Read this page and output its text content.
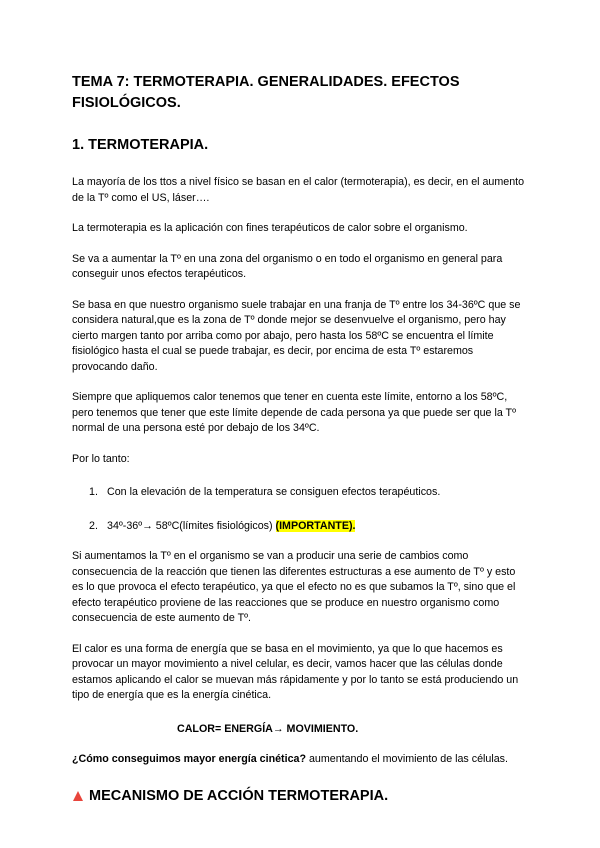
TEMA 7: TERMOTERAPIA. GENERALIDADES. EFECTOS FISIOLÓGICOS.
1. TERMOTERAPIA.

La mayoría de los ttos a nivel físico se basan en el calor (termoterapia), es decir, en el aumento de la Tº como el US, láser….

La termoterapia es la aplicación con fines terapéuticos de calor sobre el organismo.

Se va a aumentar la Tº en una zona del organismo o en todo el organismo en general para conseguir unos efectos terapéuticos.

Se basa en que nuestro organismo suele trabajar en una franja de Tº entre los 34-36ºC que se considera natural,que es la zona de Tº donde mejor se desenvuelve el organismo, pero hay cierto margen tanto por arriba como por abajo, pero hasta los 58ºC se encuentra el límite fisiológico hasta el cual se puede trabajar, es decir, por encima de esta Tº estaremos provocando daño.

Siempre que apliquemos calor tenemos que tener en cuenta este límite, entorno a los 58ºC, pero tenemos que tener que este límite depende de cada persona ya que puede ser que la Tº normal de una persona esté por debajo de los 34ºC.

Por lo tanto:

1. Con la elevación de la temperatura se consiguen efectos terapéuticos.
2. 34º-36º→ 58ºC(límites fisiológicos) (IMPORTANTE).

Si aumentamos la Tº en el organismo se van a producir una serie de cambios como consecuencia de la reacción que tienen las diferentes estructuras a ese aumento de Tº y esto es lo que provoca el efecto terapéutico, ya que el efecto no es que subamos la Tº, sino que el efecto terapéutico proviene de las reacciones que se produce en nuestro organismo como consecuencia de este aumento de Tº.

El calor es una forma de energía que se basa en el movimiento, ya que lo que hacemos es provocar un mayor movimiento a nivel celular, es decir, vamos hacer que las células donde estamos aplicando el calor se muevan más rápidamente y por lo tanto se está produciendo un tipo de energía que es la energía cinética.

CALOR= ENERGÍA→ MOVIMIENTO.

¿Cómo conseguimos mayor energía cinética? aumentando el movimiento de las células.

MECANISMO DE ACCIÓN TERMOTERAPIA.
